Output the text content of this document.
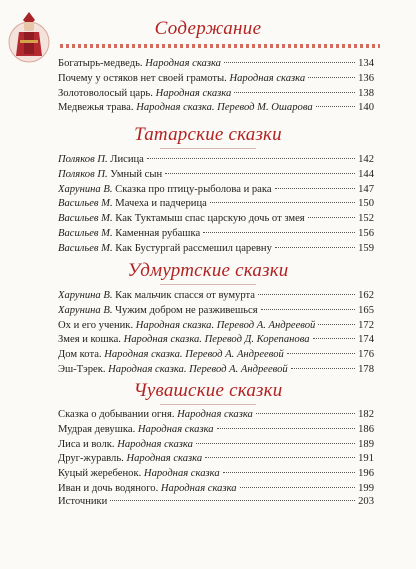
Содержание
Богатырь-медведь. Народная сказка	134
Почему у остяков нет своей грамоты. Народная сказка	136
Золотоволосый царь. Народная сказка	138
Медвежья трава. Народная сказка. Перевод М. Ошарова	140
Татарские сказки
Поляков П. Лисица	142
Поляков П. Умный сын	144
Харунина В. Сказка про птицу-рыболова и рака	147
Васильев М. Мачеха и падчерица	150
Васильев М. Как Туктамыш спас царскую дочь от змея	152
Васильев М. Каменная рубашка	156
Васильев М. Как Бустургай рассмешил царевну	159
Удмуртские сказки
Харунина В. Как мальчик спасся от вумурта	162
Харунина В. Чужим добром не разживешься	165
Ох и его ученик. Народная сказка. Перевод А. Андреевой	172
Змея и кошка. Народная сказка. Перевод Д. Корепанова	174
Дом кота. Народная сказка. Перевод А. Андреевой	176
Эш-Тэрек. Народная сказка. Перевод А. Андреевой	178
Чувашские сказки
Сказка о добывании огня. Народная сказка	182
Мудрая девушка. Народная сказка	186
Лиса и волк. Народная сказка	189
Друг-журавль. Народная сказка	191
Куцый жеребенок. Народная сказка	196
Иван и дочь водяного. Народная сказка	199
Источники	203
